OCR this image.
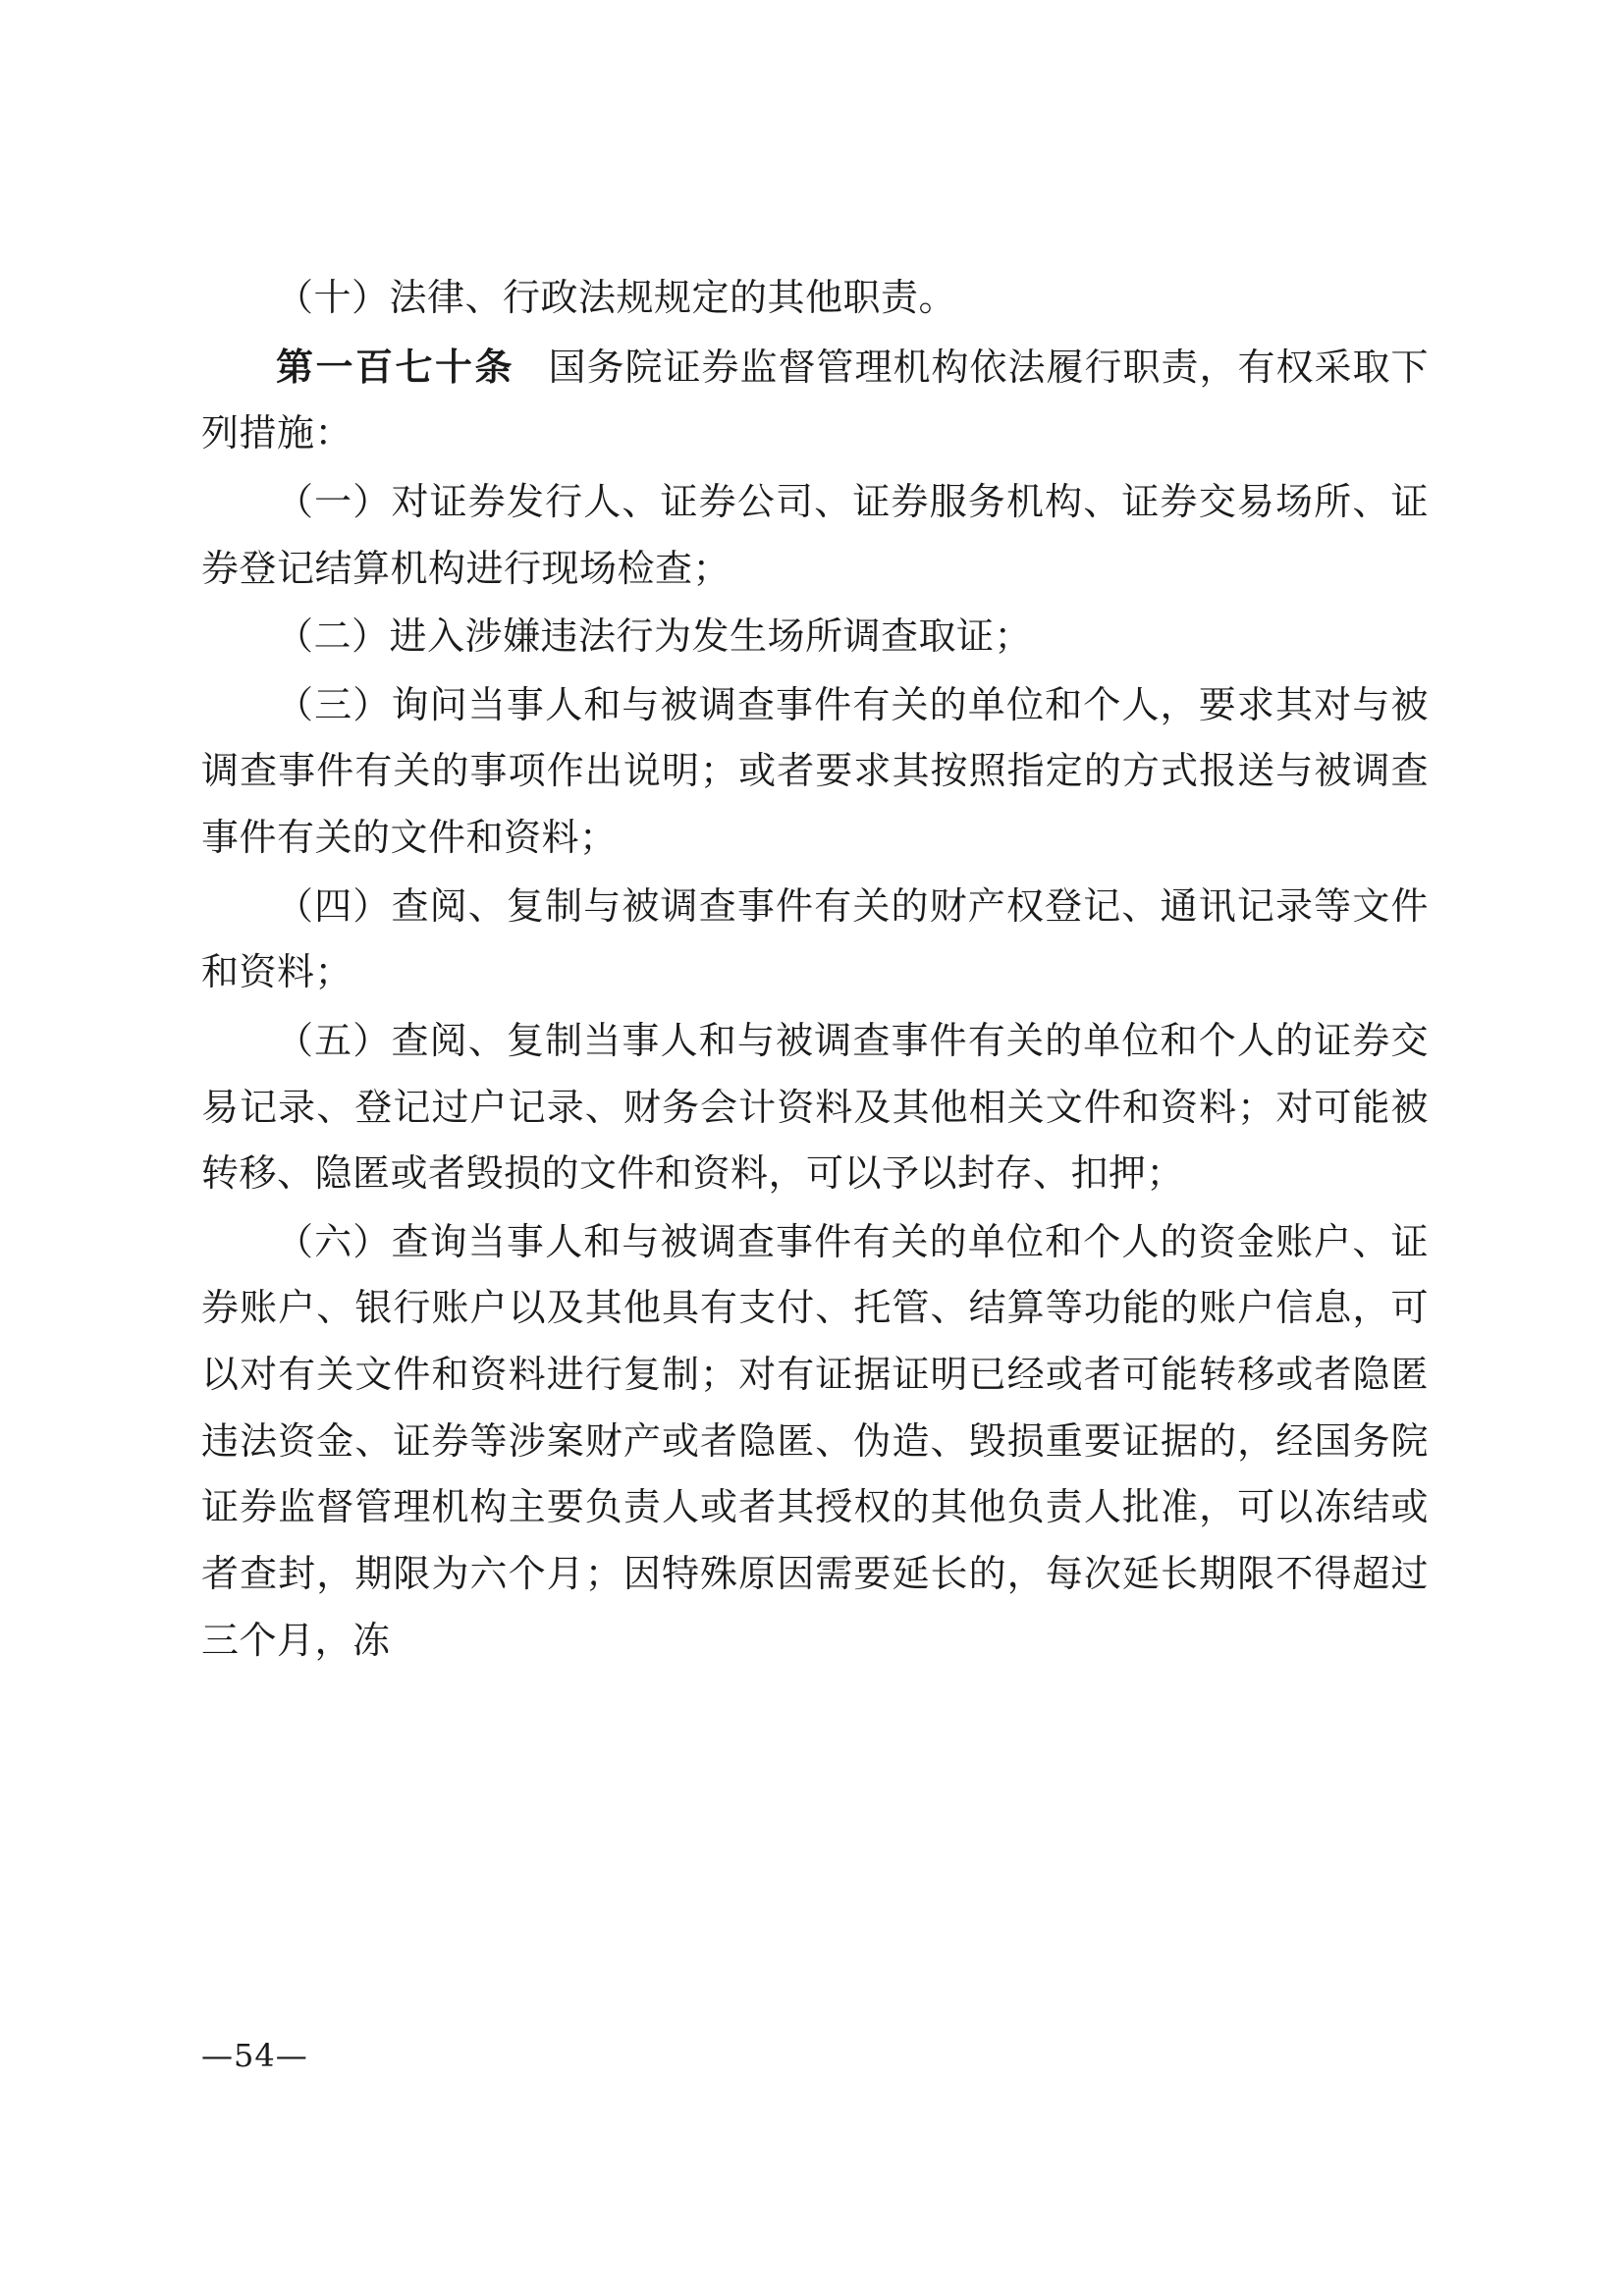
（十）法律、行政法规规定的其他职责。

第一百七十条 国务院证券监督管理机构依法履行职责，有权采取下列措施：

（一）对证券发行人、证券公司、证券服务机构、证券交易场所、证券登记结算机构进行现场检查；

（二）进入涉嫌违法行为发生场所调查取证；

（三）询问当事人和与被调查事件有关的单位和个人，要求其对与被调查事件有关的事项作出说明；或者要求其按照指定的方式报送与被调查事件有关的文件和资料；

（四）查阅、复制与被调查事件有关的财产权登记、通讯记录等文件和资料；

（五）查阅、复制当事人和与被调查事件有关的单位和个人的证券交易记录、登记过户记录、财务会计资料及其他相关文件和资料；对可能被转移、隐匿或者毁损的文件和资料，可以予以封存、扣押；

（六）查询当事人和与被调查事件有关的单位和个人的资金账户、证券账户、银行账户以及其他具有支付、托管、结算等功能的账户信息，可以对有关文件和资料进行复制；对有证据证明已经或者可能转移或者隐匿违法资金、证券等涉案财产或者隐匿、伪造、毁损重要证据的，经国务院证券监督管理机构主要负责人或者其授权的其他负责人批准，可以冻结或者查封，期限为六个月；因特殊原因需要延长的，每次延长期限不得超过三个月，冻

—54—
